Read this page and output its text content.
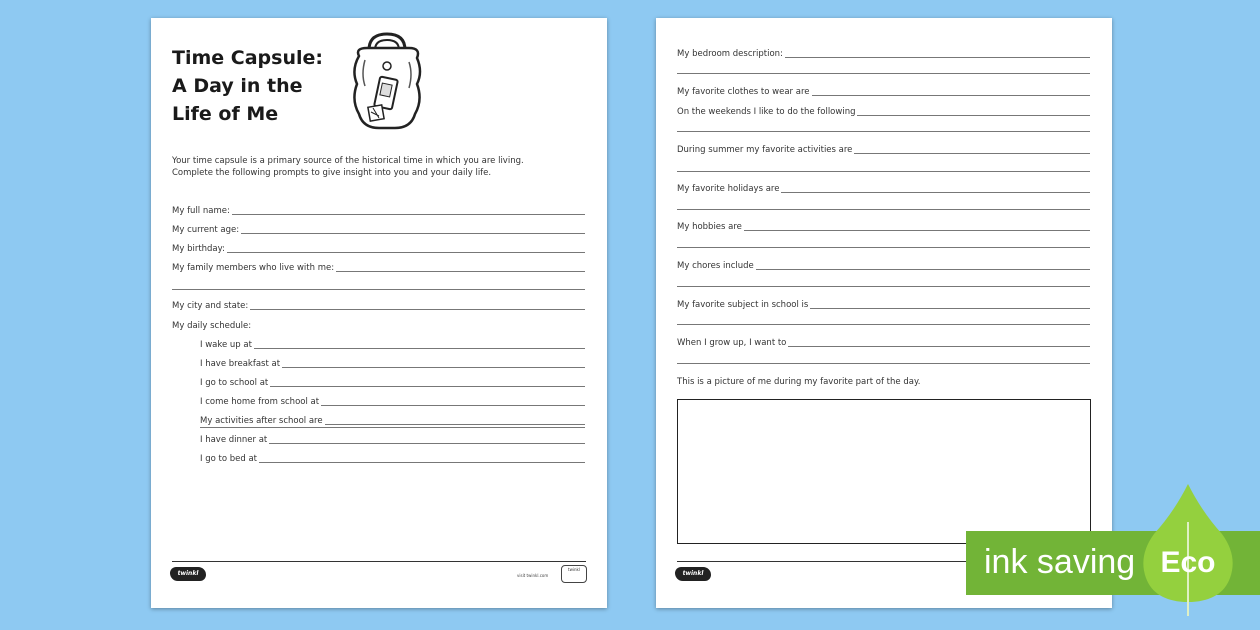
Time Capsule:
A Day in the
Life of Me
Your time capsule is a primary source of the historical time in which you are living.
Complete the following prompts to give insight into you and your daily life.
My full name:
My current age:
My birthday:
My family members who live with me:
My city and state:
My daily schedule:
I wake up at
I have breakfast at
I go to school at
I come home from school at
My activities after school are
I have dinner at
I go to bed at
twinkl	visit twinkl.com
twinkl
My bedroom description:
My favorite clothes to wear are
On the weekends I like to do the following
During summer my favorite activities are
My favorite holidays are
My hobbies are
My chores include
My favorite subject in school is
When I grow up, I want to
This is a picture of me during my favorite part of the day.
twinkl	ink saving Eco
